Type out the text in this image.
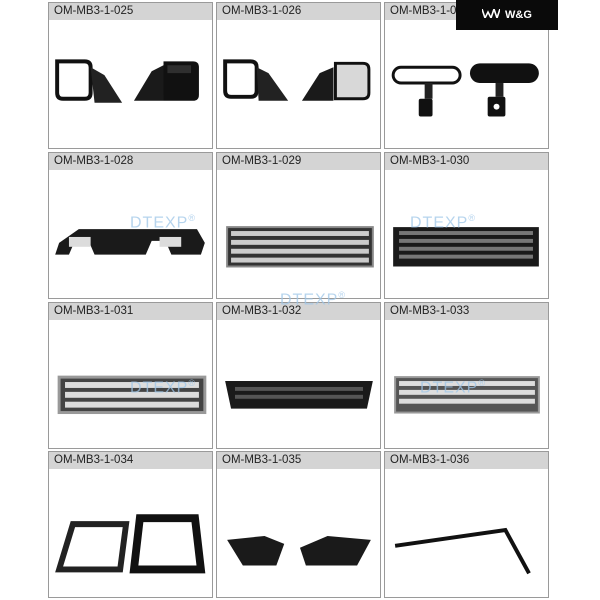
OM-MB3-1-025	OM-MB3-1-026	OM-MB3-1-0
OM-MB3-1-028	OM-MB3-1-029	OM-MB3-1-030
OM-MB3-1-031	OM-MB3-1-032	OM-MB3-1-033
OM-MB3-1-034	OM-MB3-1-035	OM-MB3-1-036
DTEXP®	DTEXP®
DTEXP®
DTEXP®	DTEXP®
W&G
